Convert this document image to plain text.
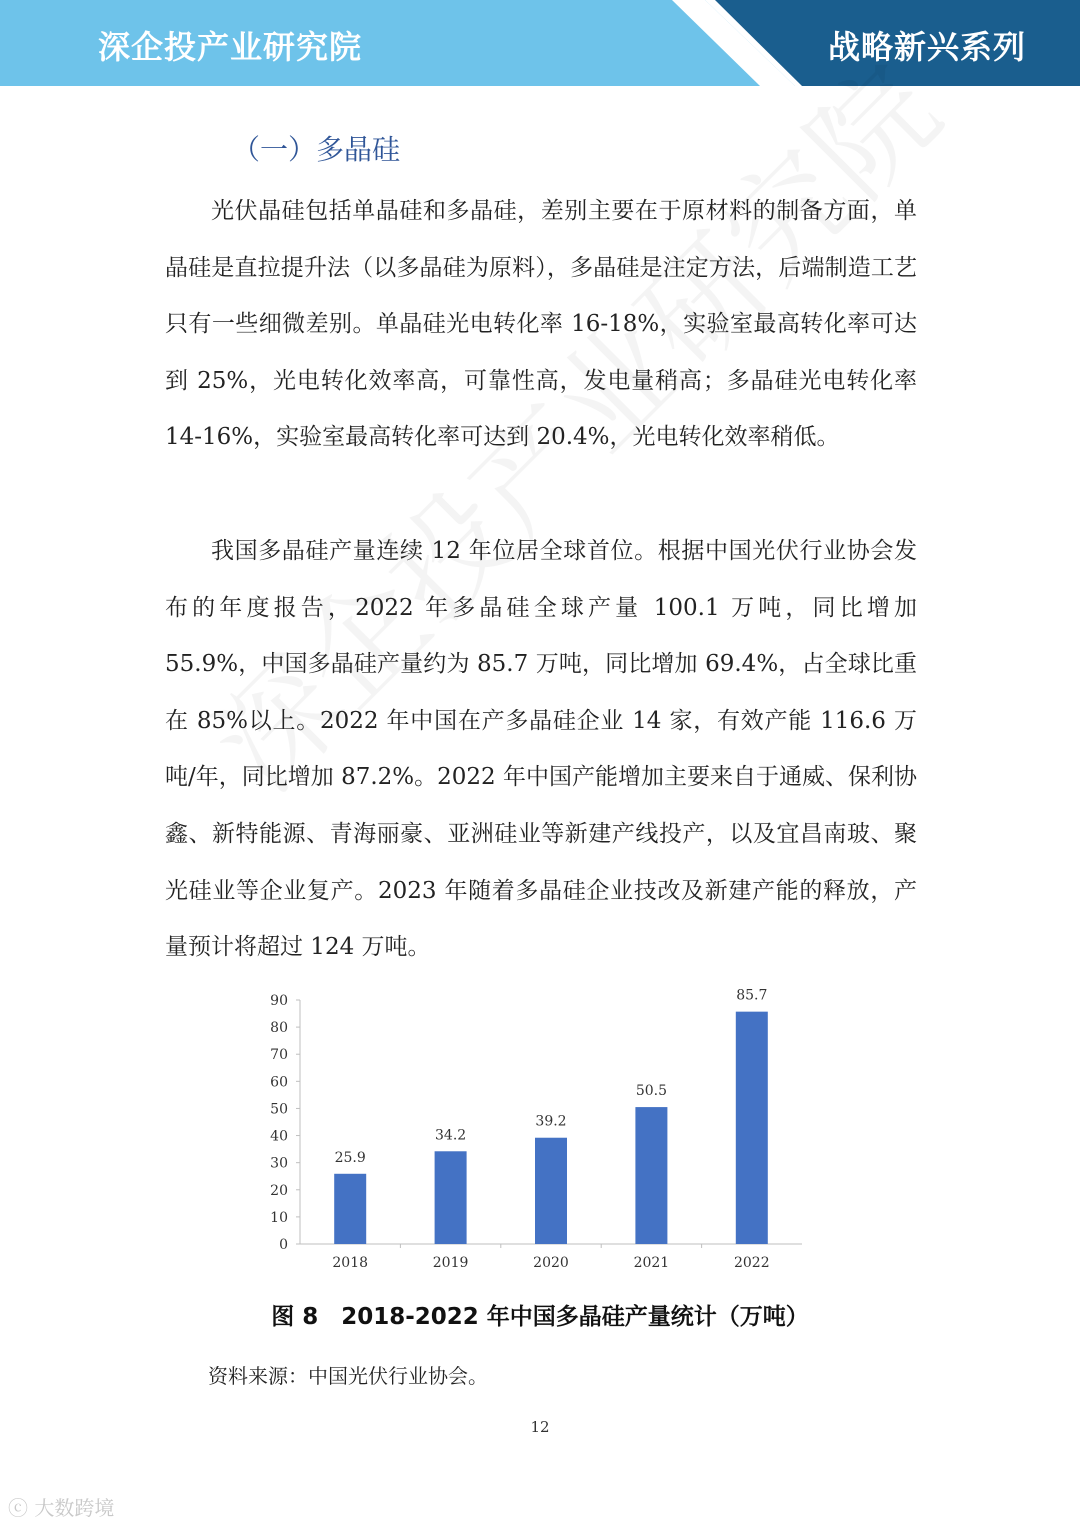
深企投产业研究院	战略新兴系列
（一）多晶硅

光伏晶硅包括单晶硅和多晶硅，差别主要在于原材料的制备方面，单晶硅是直拉提升法（以多晶硅为原料），多晶硅是注定方法，后端制造工艺只有一些细微差别。单晶硅光电转化率 16-18%，实验室最高转化率可达到 25%，光电转化效率高，可靠性高，发电量稍高；多晶硅光电转化率 14-16%，实验室最高转化率可达到 20.4%，光电转化效率稍低。

我国多晶硅产量连续 12 年位居全球首位。根据中国光伏行业协会发布的年度报告，2022 年多晶硅全球产量 100.1 万吨，同比增加 55.9%，中国多晶硅产量约为 85.7 万吨，同比增加 69.4%，占全球比重在 85%以上。2022 年中国在产多晶硅企业 14 家，有效产能 116.6 万吨/年，同比增加 87.2%。2022 年中国产能增加主要来自于通威、保利协鑫、新特能源、青海丽豪、亚洲硅业等新建产线投产，以及宜昌南玻、聚光硅业等企业复产。2023 年随着多晶硅企业技改及新建产能的释放，产量预计将超过 124 万吨。

0
10
20
30
40
50
60
70
80
90
25.9
2018
34.2
2019
39.2
2020
50.5
2021
85.7
2022
图 8　2018-2022 年中国多晶硅产量统计（万吨）
资料来源：中国光伏行业协会。
12
ⓒ 大数跨境
